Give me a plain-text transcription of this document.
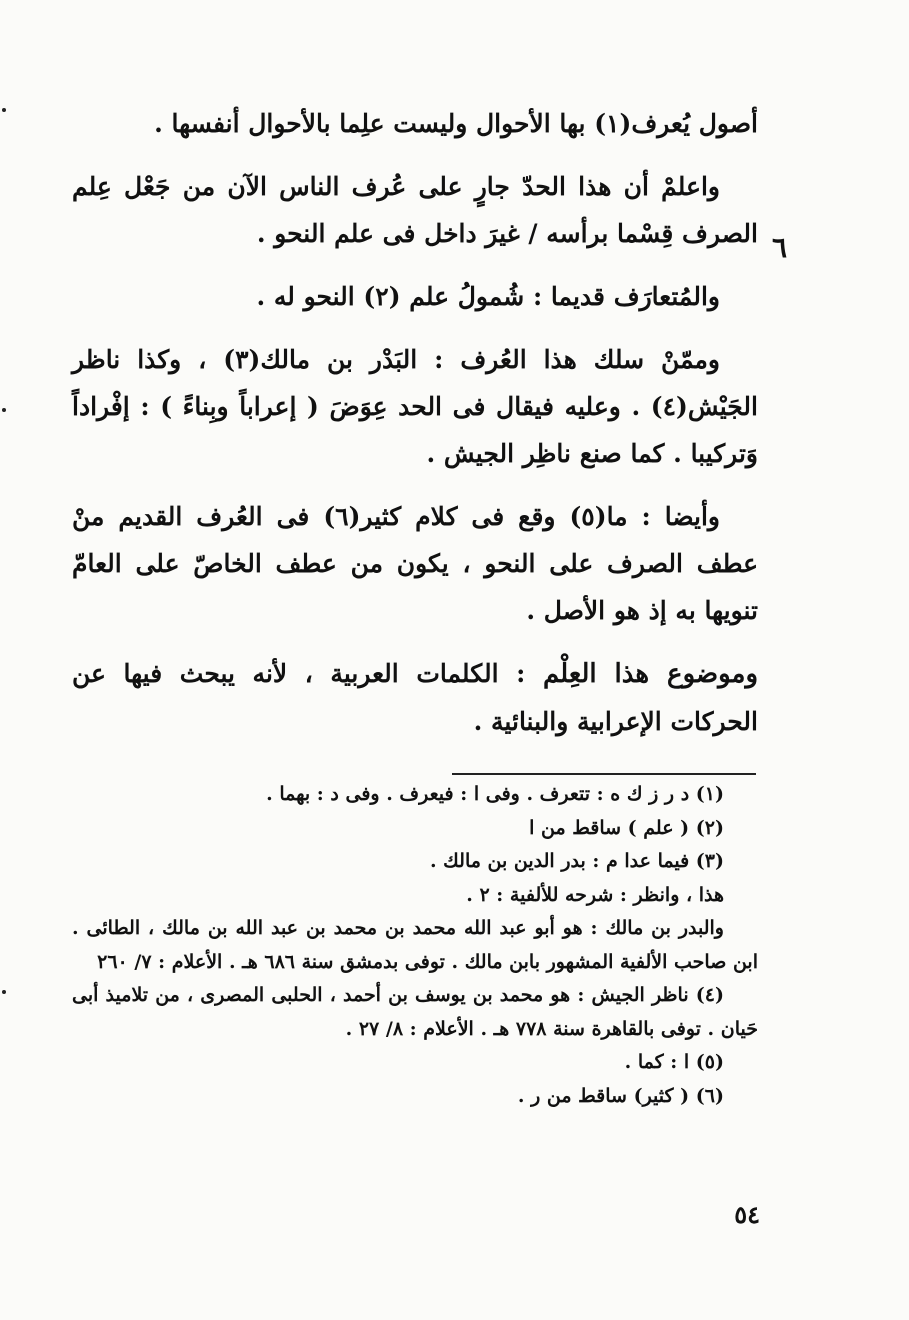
٦

أصول يُعرف(١) بها الأحوال وليست علِما بالأحوال أنفسها .

واعلمْ أن هذا الحدّ جارٍ على عُرف الناس الآن من جَعْل عِلم الصرف قِسْما برأسه / غيرَ داخل فى علم النحو .

والمُتعارَف قديما : شُمولُ علم (٢) النحو له .

وممّنْ سلك هذا العُرف : البَدْر بن مالك(٣) ، وكذا ناظر الجَيْش(٤) . وعليه فيقال فى الحد عِوَضَ ( إعراباً وبِناءً ) : إفْراداً وَتركيبا . كما صنع ناظِر الجيش .

وأيضا : ما(٥) وقع فى كلام كثير(٦) فى العُرف القديم منْ عطف الصرف على النحو ، يكون من عطف الخاصّ على العامّ تنويها به إذ هو الأصل .

وموضوع هذا العِلْم : الكلمات العربية ، لأنه يبحث فيها عن الحركات الإعرابية والبنائية .

(١) د ر ز ك ه : تتعرف . وفى ا : فيعرف . وفى د : بهما .

(٢) ( علم ) ساقط من ا

(٣) فيما عدا م : بدر الدين بن مالك .

هذا ، وانظر : شرحه للألفية : ٢ .

والبدر بن مالك : هو أبو عبد الله محمد بن محمد بن عبد الله بن مالك ، الطائى . ابن صاحب الألفية المشهور بابن مالك . توفى بدمشق سنة ٦٨٦ هـ . الأعلام : ٧/ ٢٦٠

(٤) ناظر الجيش : هو محمد بن يوسف بن أحمد ، الحلبى المصرى ، من تلاميذ أبى حَيان . توفى بالقاهرة سنة ٧٧٨ هـ . الأعلام : ٨/ ٢٧ .

(٥) ا : كما .

(٦) ( كثير) ساقط من ر .

٥٤
